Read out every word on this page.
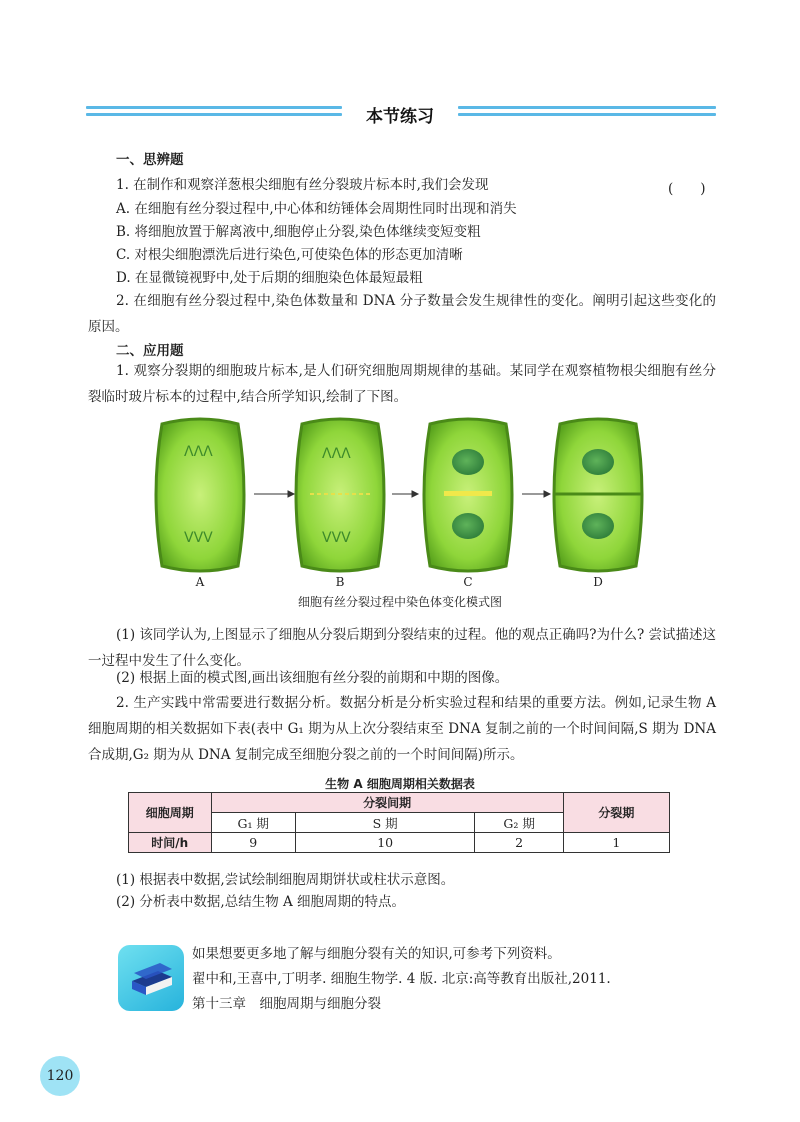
本节练习
一、思辨题
1. 在制作和观察洋葱根尖细胞有丝分裂玻片标本时,我们会发现	(　　)
A. 在细胞有丝分裂过程中,中心体和纺锤体会周期性同时出现和消失
B. 将细胞放置于解离液中,细胞停止分裂,染色体继续变短变粗
C. 对根尖细胞漂洗后进行染色,可使染色体的形态更加清晰
D. 在显微镜视野中,处于后期的细胞染色体最短最粗
2. 在细胞有丝分裂过程中,染色体数量和 DNA 分子数量会发生规律性的变化。阐明引起这些变化的原因。
二、应用题
1. 观察分裂期的细胞玻片标本,是人们研究细胞周期规律的基础。某同学在观察植物根尖细胞有丝分裂临时玻片标本的过程中,结合所学知识,绘制了下图。
ΛΛΛ
VVV
ΛΛΛ
VVV
A	B	C	D
细胞有丝分裂过程中染色体变化模式图
(1) 该同学认为,上图显示了细胞从分裂后期到分裂结束的过程。他的观点正确吗?为什么? 尝试描述这一过程中发生了什么变化。
(2) 根据上面的模式图,画出该细胞有丝分裂的前期和中期的图像。
2. 生产实践中常需要进行数据分析。数据分析是分析实验过程和结果的重要方法。例如,记录生物 A 细胞周期的相关数据如下表(表中 G₁ 期为从上次分裂结束至 DNA 复制之前的一个时间间隔,S 期为 DNA 合成期,G₂ 期为从 DNA 复制完成至细胞分裂之前的一个时间间隔)所示。
生物 A 细胞周期相关数据表
细胞周期	分裂间期			分裂期
	G₁ 期	S 期	G₂ 期	
时间/h	9	10	2	1
(1) 根据表中数据,尝试绘制细胞周期饼状或柱状示意图。
(2) 分析表中数据,总结生物 A 细胞周期的特点。
如果想要更多地了解与细胞分裂有关的知识,可参考下列资料。
翟中和,王喜中,丁明孝. 细胞生物学. 4 版. 北京:高等教育出版社,2011.
第十三章　细胞周期与细胞分裂
120
